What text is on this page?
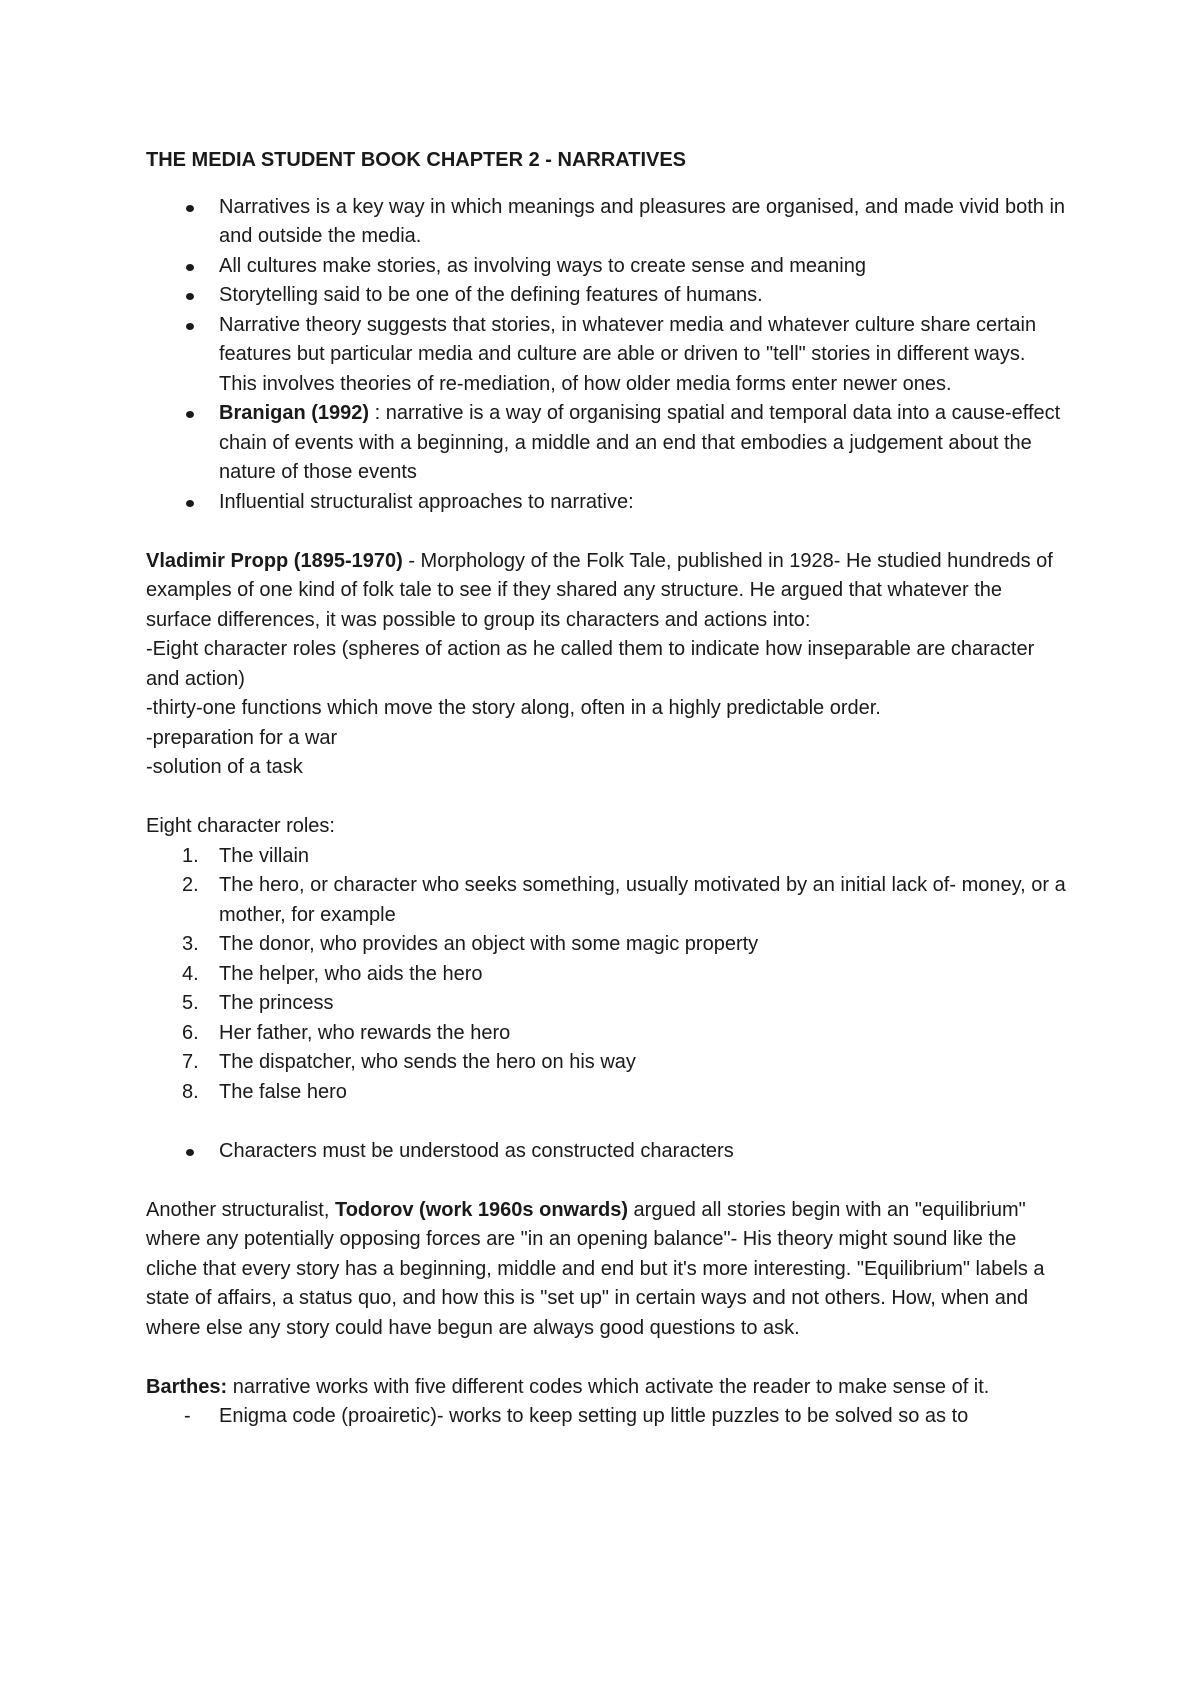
THE MEDIA STUDENT BOOK CHAPTER 2 - NARRATIVES
Narratives is a key way in which meanings and pleasures are organised, and made vivid both in and outside the media.
All cultures make stories, as involving ways to create sense and meaning
Storytelling said to be one of the defining features of humans.
Narrative theory suggests that stories, in whatever media and whatever culture share certain features but particular media and culture are able or driven to "tell" stories in different ways. This involves theories of re-mediation, of how older media forms enter newer ones.
Branigan (1992) : narrative is a way of organising spatial and temporal data into a cause-effect chain of events with a beginning, a middle and an end that embodies a judgement about the nature of those events
Influential structuralist approaches to narrative:

Vladimir Propp (1895-1970) - Morphology of the Folk Tale, published in 1928- He studied hundreds of examples of one kind of folk tale to see if they shared any structure. He argued that whatever the surface differences, it was possible to group its characters and actions into:

-Eight character roles (spheres of action as he called them to indicate how inseparable are character and action)

-thirty-one functions which move the story along, often in a highly predictable order.

-preparation for a war

-solution of a task

Eight character roles:

1. The villain
2. The hero, or character who seeks something, usually motivated by an initial lack of- money, or a mother, for example
3. The donor, who provides an object with some magic property
4. The helper, who aids the hero
5. The princess
6. Her father, who rewards the hero
7. The dispatcher, who sends the hero on his way
8. The false hero
Characters must be understood as constructed characters

Another structuralist, Todorov (work 1960s onwards) argued all stories begin with an "equilibrium" where any potentially opposing forces are "in an opening balance"- His theory might sound like the cliche that every story has a beginning, middle and end but it's more interesting. "Equilibrium" labels a state of affairs, a status quo, and how this is "set up" in certain ways and not others. How, when and where else any story could have begun are always good questions to ask.

Barthes: narrative works with five different codes which activate the reader to make sense of it.

- Enigma code (proairetic)- works to keep setting up little puzzles to be solved so as to
